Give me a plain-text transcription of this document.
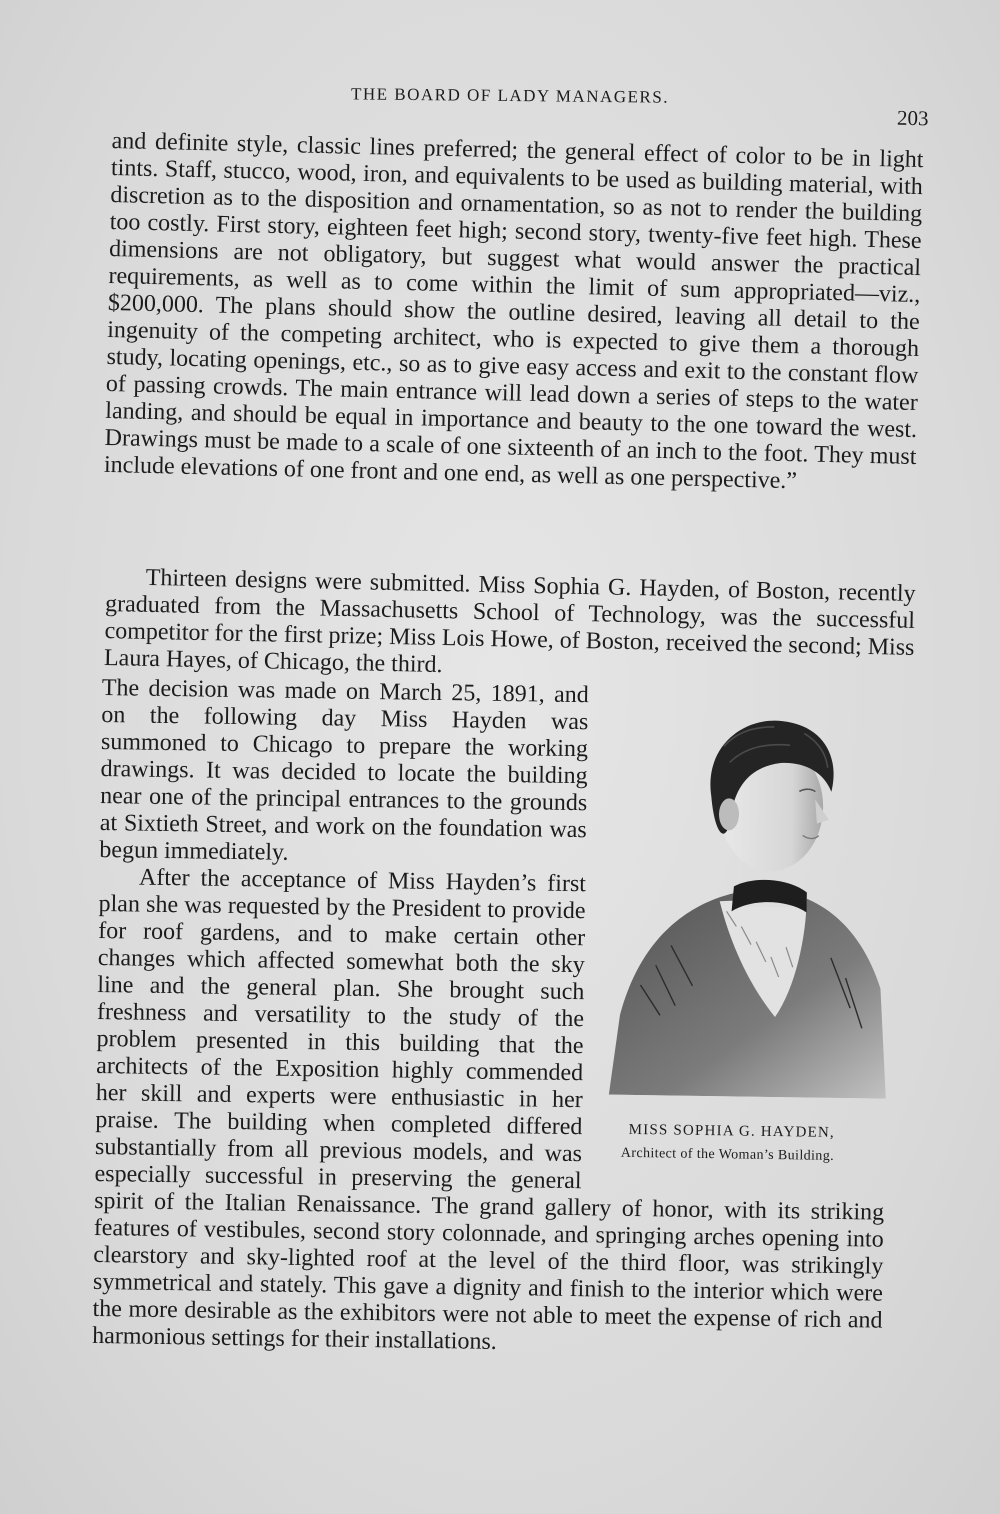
THE BOARD OF LADY MANAGERS.
203

and definite style, classic lines preferred; the general effect of color to be in light tints. Staff, stucco, wood, iron, and equivalents to be used as building material, with discretion as to the disposition and ornamentation, so as not to render the building too costly. First story, eighteen feet high; second story, twenty-five feet high. These dimensions are not obligatory, but suggest what would answer the practical requirements, as well as to come within the limit of sum appropriated—viz., $200,000. The plans should show the outline desired, leaving all detail to the ingenuity of the competing architect, who is expected to give them a thorough study, locating openings, etc., so as to give easy access and exit to the constant flow of passing crowds. The main entrance will lead down a series of steps to the water landing, and should be equal in importance and beauty to the one toward the west. Drawings must be made to a scale of one sixteenth of an inch to the foot. They must include elevations of one front and one end, as well as one perspective.”

Thirteen designs were submitted. Miss Sophia G. Hayden, of Boston, recently graduated from the Massachusetts School of Technology, was the successful competitor for the first prize; Miss Lois Howe, of Boston, received the second; Miss Laura Hayes, of Chicago, the third.

MISS SOPHIA G. HAYDEN,
Architect of the Woman’s Building.
The decision was made on March 25, 1891, and on the following day Miss Hayden was summoned to Chicago to prepare the working drawings. It was decided to locate the building near one of the principal entrances to the grounds at Sixtieth Street, and work on the foundation was begun immediately.
After the acceptance of Miss Hayden’s first plan she was requested by the President to provide for roof gardens, and to make certain other changes which affected somewhat both the sky line and the general plan. She brought such freshness and versatility to the study of the problem presented in this building that the architects of the Exposition highly commended her skill and experts were enthusiastic in her praise. The building when completed differed substantially from all previous models, and was especially successful in preserving the general spirit of the Italian Renaissance. The grand gallery of honor, with its striking features of vestibules, second story colonnade, and springing arches opening into clearstory and sky-lighted roof at the level of the third floor, was strikingly symmetrical and stately. This gave a dignity and finish to the interior which were the more desirable as the exhibitors were not able to meet the expense of rich and harmonious settings for their installations.
